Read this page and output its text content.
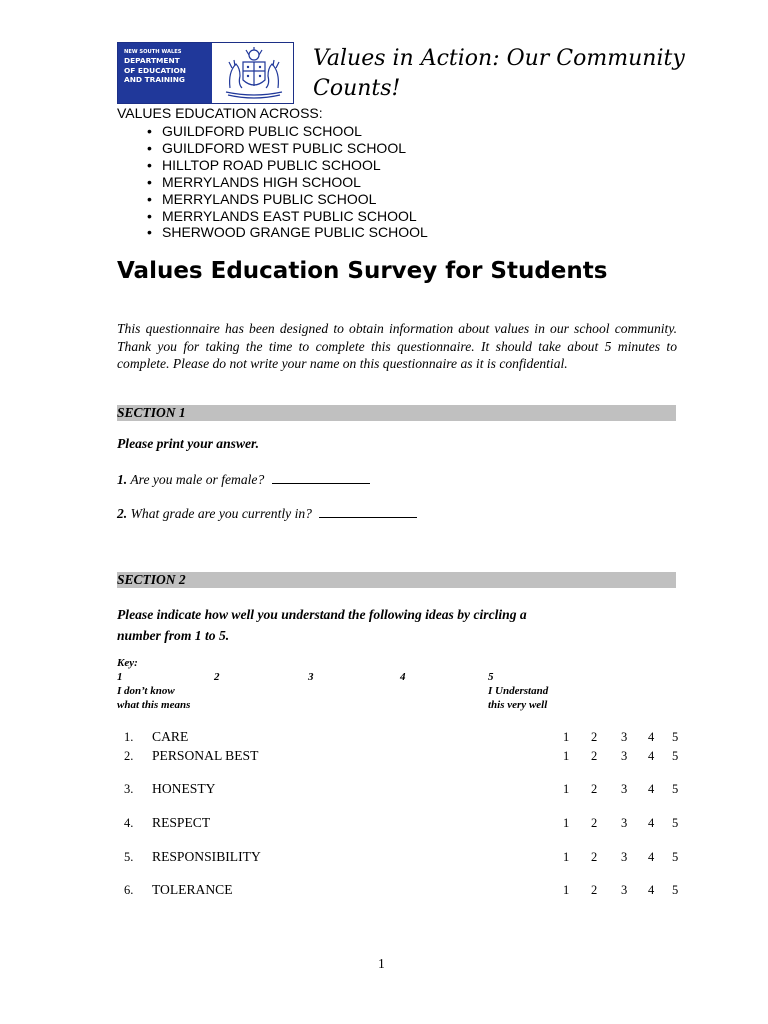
NEW SOUTH WALES
DEPARTMENT
OF EDUCATION
AND TRAINING
Values in Action: Our Community Counts!

VALUES EDUCATION ACROSS:

• GUILDFORD PUBLIC SCHOOL
• GUILDFORD WEST PUBLIC SCHOOL
• HILLTOP ROAD PUBLIC SCHOOL
• MERRYLANDS HIGH SCHOOL
• MERRYLANDS PUBLIC SCHOOL
• MERRYLANDS EAST PUBLIC SCHOOL
• SHERWOOD GRANGE PUBLIC SCHOOL
Values Education Survey for Students

This questionnaire has been designed to obtain information about values in our school community. Thank you for taking the time to complete this questionnaire. It should take about 5 minutes to complete. Please do not write your name on this questionnaire as it is confidential.

SECTION 1

Please print your answer.

1. Are you male or female?

2. What grade are you currently in?

SECTION 2

Please indicate how well you understand the following ideas by circling a
number from 1 to 5.

Key:

1	2	3	4	5

I don’t know
what this means

I Understand
this very well

1. CARE	1 2 3 4 5
2. PERSONAL BEST	1 2 3 4 5
3. HONESTY	1 2 3 4 5
4. RESPECT	1 2 3 4 5
5. RESPONSIBILITY	1 2 3 4 5
6. TOLERANCE	1 2 3 4 5
1
